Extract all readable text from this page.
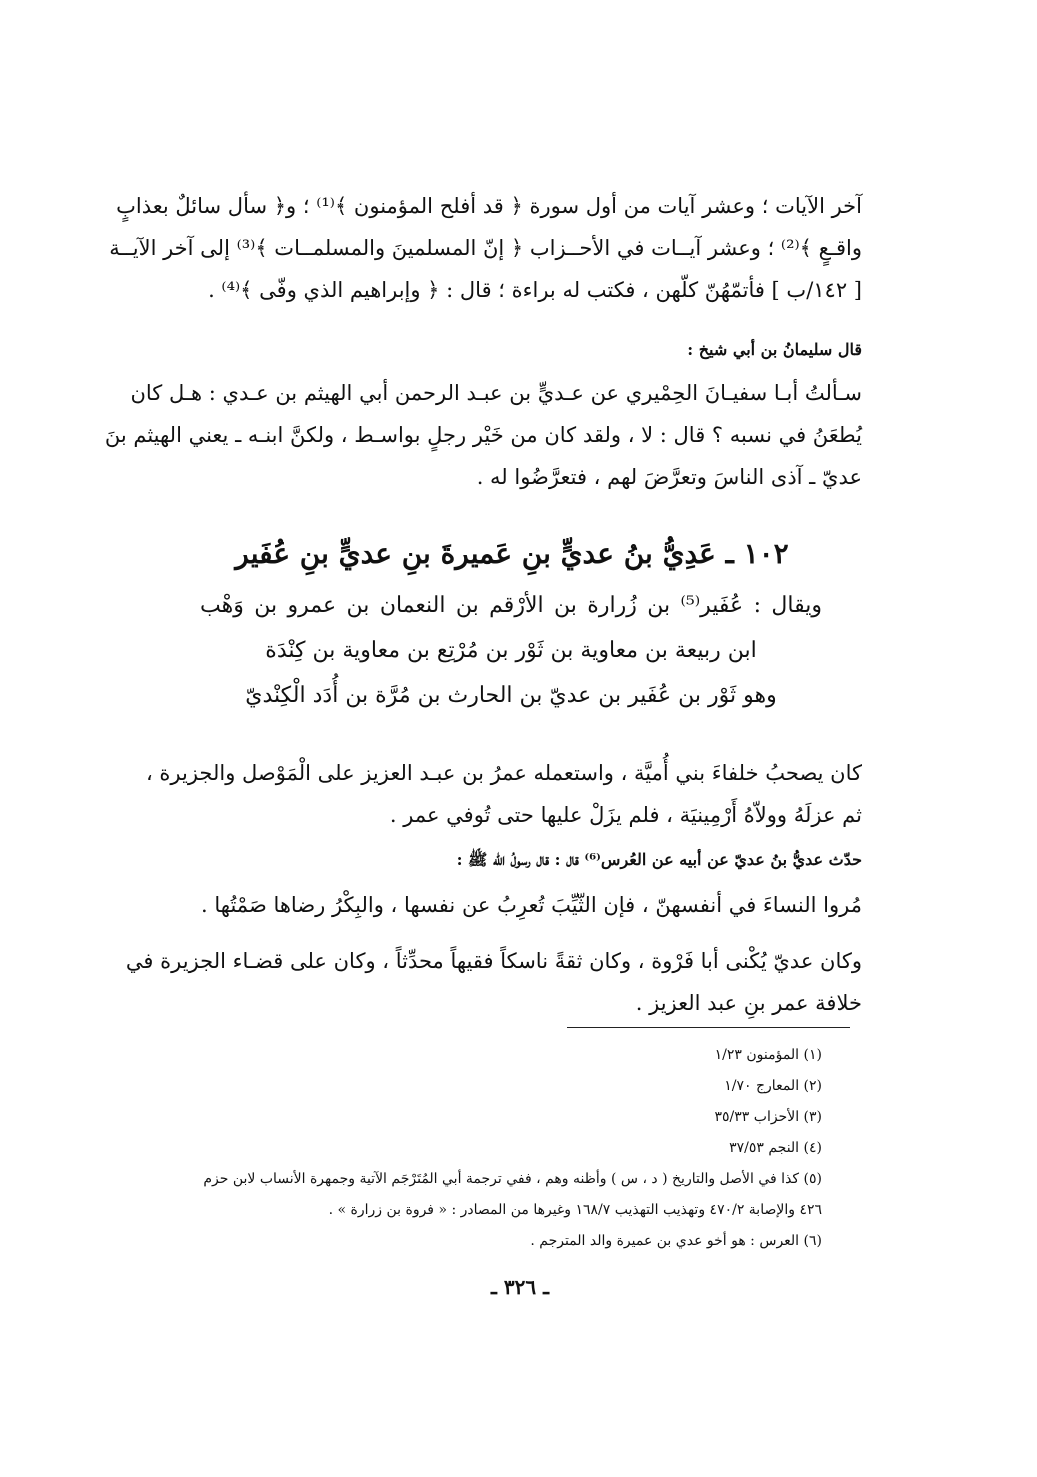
آخر الآيات ؛ وعشر آيات من أول سورة ﴿ قد أفلح المؤمنون ﴾⁽¹⁾ ؛ و﴿ سأل سائلٌ بعذابٍ
واقـعٍ ﴾⁽²⁾ ؛ وعشر آيــات في الأحــزاب ﴿ إنّ المسلمينَ والمسلمــات ﴾⁽³⁾ إلى آخر الآيــة
[ ١٤٢/ب ] فأتمّهُنّ كلّهن ، فكتب له براءة ؛ قال : ﴿ وإبراهيم الذي وفّى ﴾⁽⁴⁾ .
قال سليمانُ بن أبي شيخ :
سـألتُ أبـا سفيـانَ الحِمْيري عن عـديٍّ بن عبـد الرحمن أبي الهيثم بن عـدي : هـل كان
يُطعَنُ في نسبه ؟ قال : لا ، ولقد كان من خَيْر رجلٍ بواسـط ، ولكنَّ ابنـه ـ يعني الهيثم بنَ
عديّ ـ آذى الناسَ وتعرَّضَ لهم ، فتعرَّضُوا له .
١٠٢ ـ عَدِيُّ بنُ عديٍّ بنِ عَميرةَ بنِ عديٍّ بنِ عُفَير
ويقال : عُفَير⁽⁵⁾ بن زُرارة بن الأرْقم بن النعمان بن عمرو بن وَهْب
ابن ربيعة بن معاوية بن ثَوْر بن مُرْتِع بن معاوية بن كِنْدَة
وهو ثَوْر بن عُفَير بن عديّ بن الحارث بن مُرَّة بن أُدَد الْكِنْديّ
كان يصحبُ خلفاءَ بني أُميَّة ، واستعمله عمرُ بن عبـد العزيز على الْمَوْصل والجزيرة ،
ثم عزلَهُ وولاّهُ أَرْمِينيَة ، فلم يزَلْ عليها حتى تُوفي عمر .
حدّث عديُّ بنُ عديّ عن أبيه عن العُرس⁽⁶⁾ قال : قال رسولُ الله ﷺ :
مُروا النساءَ في أنفسهنّ ، فإن الثّيِّبَ تُعرِبُ عن نفسها ، والبِكْرُ رضاها صَمْتُها .
وكان عديّ يُكْنى أبا فَرْوة ، وكان ثقةً ناسكاً فقيهاً محدِّثاً ، وكان على قضـاء الجزيرة في
خلافة عمر بنِ عبد العزيز .
(١) المؤمنون ١/٢٣
(٢) المعارج ١/٧٠
(٣) الأحزاب ٣٥/٣٣
(٤) النجم ٣٧/٥٣
(٥) كذا في الأصل والتاريخ ( د ، س ) وأظنه وهم ، ففي ترجمة أبي المُتَرْجَم الآتية وجمهرة الأنساب لابن حزم
٤٢٦ والإصابة ٤٧٠/٢ وتهذيب التهذيب ١٦٨/٧ وغيرها من المصادر : « فروة بن زرارة » .
(٦) العرس : هو أخو عدي بن عميرة والد المترجم .
ـ ٣٢٦ ـ
